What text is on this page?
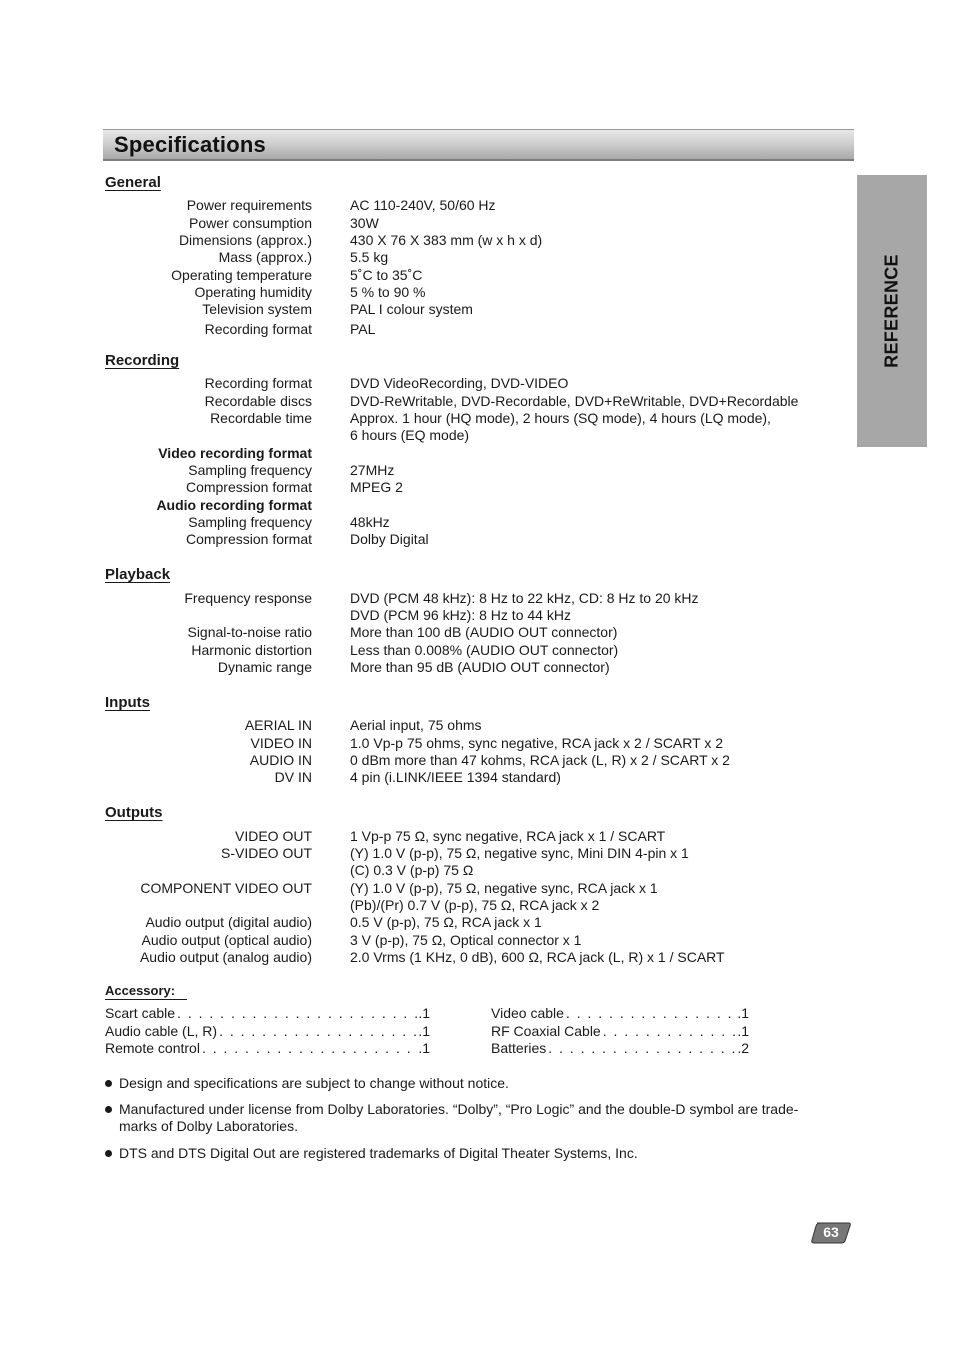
Specifications
REFERENCE
General
Power requirements	AC 110-240V, 50/60 Hz
Power consumption	30W
Dimensions (approx.)	430 X 76 X 383 mm (w x h x d)
Mass (approx.)	5.5 kg
Operating temperature	5˚C to 35˚C
Operating humidity	5 % to 90 %
Television system	PAL I colour system
Recording format	PAL
Recording
Recording format	DVD VideoRecording, DVD-VIDEO
Recordable discs	DVD-ReWritable, DVD-Recordable, DVD+ReWritable, DVD+Recordable
Recordable time	Approx. 1 hour (HQ mode), 2 hours (SQ mode), 4 hours (LQ mode),
6 hours (EQ mode)
Video recording format
Sampling frequency	27MHz
Compression format	MPEG 2
Audio recording format
Sampling frequency	48kHz
Compression format	Dolby Digital
Playback
Frequency response	DVD (PCM 48 kHz): 8 Hz to 22 kHz, CD: 8 Hz to 20 kHz
DVD (PCM 96 kHz): 8 Hz to 44 kHz
Signal-to-noise ratio	More than 100 dB (AUDIO OUT connector)
Harmonic distortion	Less than 0.008% (AUDIO OUT connector)
Dynamic range	More than 95 dB (AUDIO OUT connector)
Inputs
AERIAL IN	Aerial input, 75 ohms
VIDEO IN	1.0 Vp-p 75 ohms, sync negative, RCA jack x 2 / SCART x 2
AUDIO IN	0 dBm more than 47 kohms, RCA jack (L, R) x 2 / SCART x 2
DV IN	4 pin (i.LINK/IEEE 1394 standard)
Outputs
VIDEO OUT	1 Vp-p 75 Ω, sync negative, RCA jack x 1 / SCART
S-VIDEO OUT	(Y) 1.0 V (p-p), 75 Ω, negative sync, Mini DIN 4-pin x 1
(C) 0.3 V (p-p) 75 Ω
COMPONENT VIDEO OUT	(Y) 1.0 V (p-p), 75 Ω, negative sync, RCA jack x 1
(Pb)/(Pr) 0.7 V (p-p), 75 Ω, RCA jack x 2
Audio output (digital audio)	0.5 V (p-p), 75 Ω, RCA jack x 1
Audio output (optical audio)	3 V (p-p), 75 Ω, Optical connector x 1
Audio output (analog audio)	2.0 Vrms (1 KHz, 0 dB), 600 Ω, RCA jack (L, R) x 1 / SCART
Accessory:
Scart cable . . .	.1
Audio cable (L, R) . . .	.1
Remote control . . .	.1
Video cable . . .	.1
RF Coaxial Cable . . .	.1
Batteries . . .	.2
Design and specifications are subject to change without notice.
Manufactured under license from Dolby Laboratories. “Dolby”, “Pro Logic” and the double-D symbol are trade-marks of Dolby Laboratories.
DTS and DTS Digital Out are registered trademarks of Digital Theater Systems, Inc.
63
